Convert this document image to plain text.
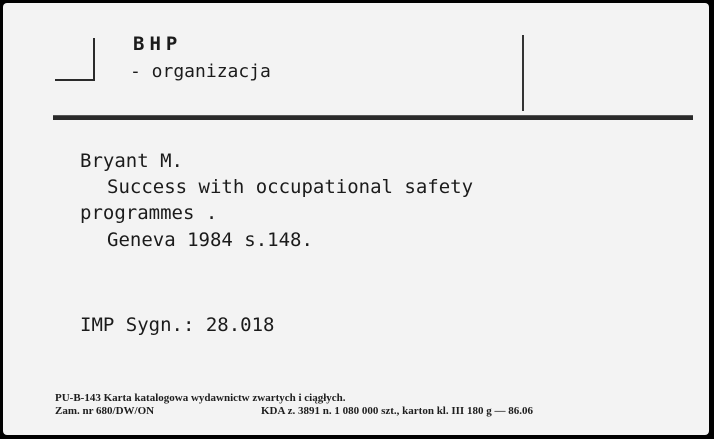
BHP
- organizacja
Bryant M.
Success with occupational safety
programmes .
Geneva 1984 s.148.
IMP Sygn.: 28.018
PU-B-143 Karta katalogowa wydawnictw zwartych i ciągłych.
Zam. nr 680/DW/ON	KDA z. 3891 n. 1 080 000 szt., karton kl. III 180 g — 86.06
